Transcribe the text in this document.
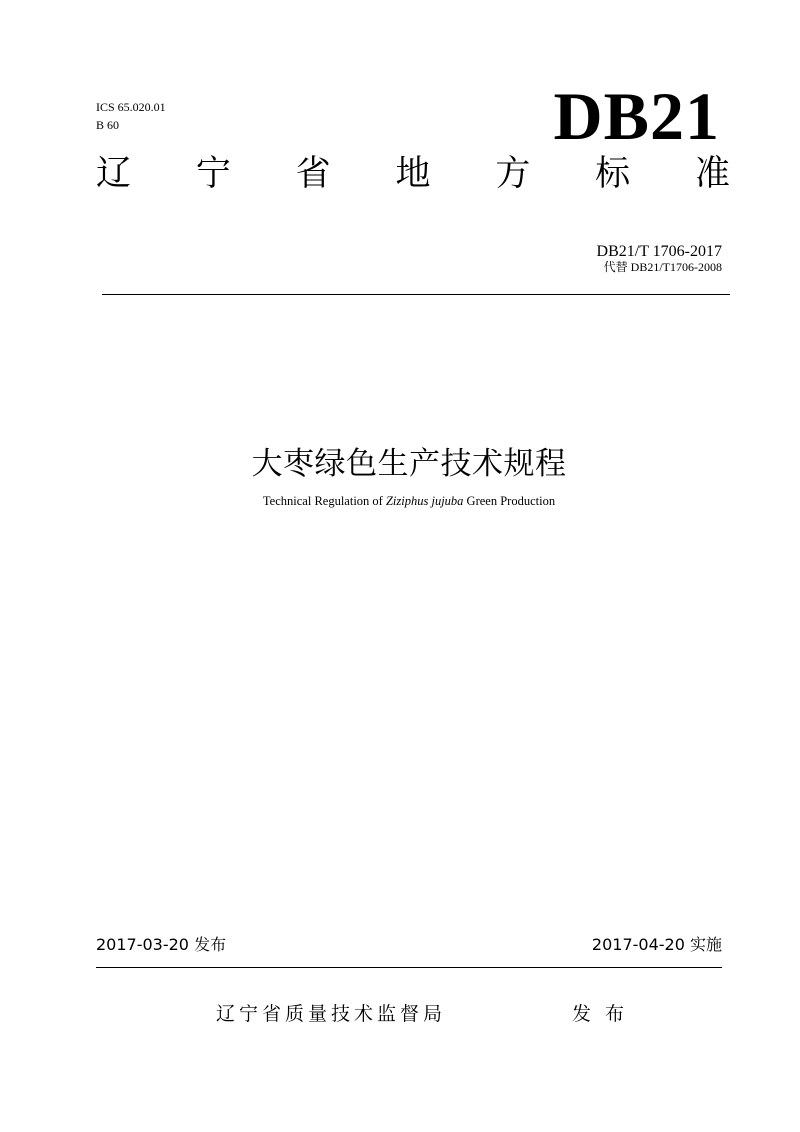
ICS 65.020.01
B 60	DB21
辽 宁 省 地 方 标 准
DB21/T 1706-2017
代替 DB21/T1706-2008
大枣绿色生产技术规程
Technical Regulation of Ziziphus jujuba Green Production
2017-03-20 发布	2017-04-20 实施
辽宁省质量技术监督局	发 布
